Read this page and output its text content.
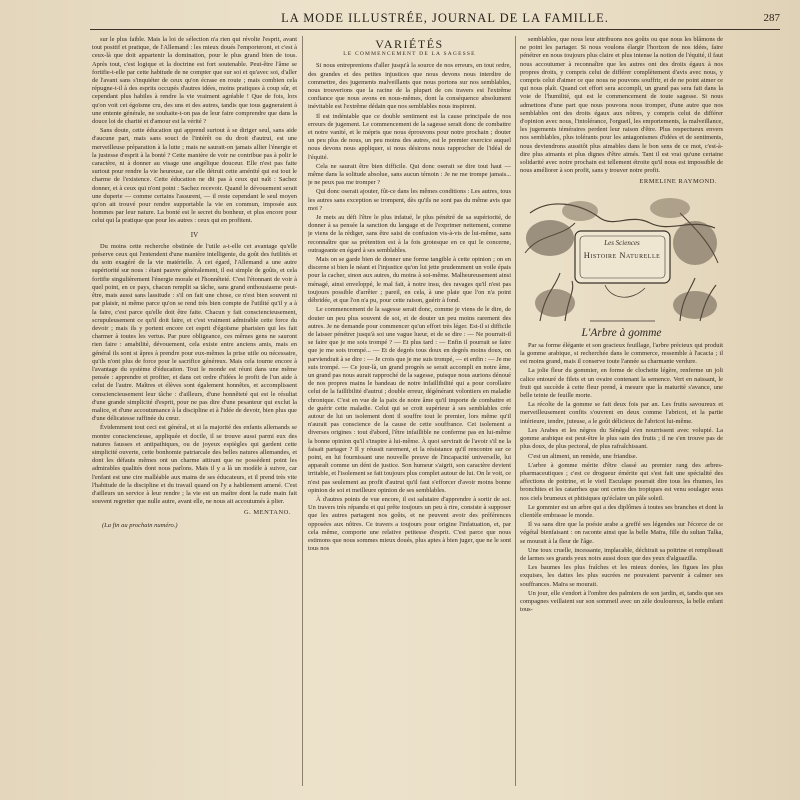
LA MODE ILLUSTRÉE, JOURNAL DE LA FAMILLE.	287

sur le plus faible. Mais la loi de sélection n'a rien qui révolte l'esprit, avant tout positif et pratique, de l'Allemand : les mieux doués l'emporteront, et c'est à ceux-là que doit appartenir la domination, pour le plus grand bien de tous. Après tout, c'est logique et la doctrine est fort soutenable. Peut-être l'âme se fortifie-t-elle par cette habitude de ne compter que sur soi et qu'avec soi, d'aller de l'avant sans s'inquiéter de ceux qu'on écrase en route ; mais combien cela répugne-t-il à des esprits occupés d'autres idées, moins pratiques à coup sûr, et cependant plus habiles à rendre la vie vraiment agréable ! Que de fois, lors qu'on voit cet égoïsme cru, des uns et des autres, tandis que tous gagneraient à une entente générale, ne souhaite-t-on pas de leur faire comprendre que dans la douce loi de charité et d'amour est la vérité ?

Sans doute, cette éducation qui apprend surtout à se diriger seul, sans aide d'aucune part, mais sans souci de l'intérêt ou du droit d'autrui, est une merveilleuse préparation à la lutte ; mais ne saurait-on jamais allier l'énergie et la justesse d'esprit à la bonté ? Cette manière de voir ne contribue pas à polir le caractère, ni à donner au visage une angélique douceur. Elle n'est pas faite surtout pour rendre la vie heureuse, car elle détruit cette aménité qui est tout le charme de l'existence. Cette éducation ne dit pas à ceux qui naît : Sachez donner, et à ceux qui n'ont point : Sachez recevoir. Quand le dévouement serait une duperie — comme certains l'assurent, — il reste cependant le seul moyen qu'on ait trouvé pour rendre supportable la vie en commun, imposée aux hommes par leur nature. La bonté est le secret du bonheur, et plus encore pour celui qui la pratique que pour les autres : ceux qui en profitent.

IV

Du moins cette recherche obstinée de l'utile a-t-elle cet avantage qu'elle préserve ceux qui l'entendent d'une manière intelligente, du goût des futilités et du soin exagéré de la vie matérielle. À cet égard, l'Allemand a une autre supériorité sur nous : étant pauvre généralement, il est simple de goûts, et cela fortifie singulièrement l'énergie morale et l'honnêteté. C'est l'étonnant de voir à quel point, en ce pays, chacun remplit sa tâche, sans grand enthousiasme peut-être, mais aussi sans lassitude : s'il on fait une chose, ce n'est bien souvent ni par plaisir, ni même parce qu'on se rend très bien compte de l'utilité qu'il y a à la faire, c'est parce qu'elle doit être faite. Chacun y fait consciencieusement, scrupuleusement ce qu'il doit faire, et c'est vraiment admirable cette force du devoir ; mais ils y portent encore cet esprit d'égoïsme pharisien qui les fait charmer à toutes les vertus. Par pure obligeance, ces mêmes gens ne sauront rien faire : amabilité, dévouement, cela existe entre anciens amis, mais en général ils sont si âpres à prendre pour eux-mêmes la prise utile ou nécessaire, qu'ils n'ont plus de force pour le sacrifice généreux. Mais cela tourne encore à l'avantage du système d'éducation. Tout le monde est réuni dans une même pensée : apprendre et profiter, et dans cet ordre d'idées le profit de l'un aide à celui de l'autre. Maîtres et élèves sont également honnêtes, et accomplissent consciencieusement leur tâche : d'ailleurs, d'une honnêteté qui est le résultat d'une grande simplicité d'esprit, pour ne pas dire d'une pesanteur qui exclut la malice, et d'une accoutumance à la discipline et à l'idée de devoir, bien plus que d'une délicatesse raffinée du cœur.

Évidemment tout ceci est général, et si la majorité des enfants allemands se montre consciencieuse, appliquée et docile, il se trouve aussi parmi eux des natures fausses et antipathiques, ou de joyeux espiègles qui gardent cette simplicité ouverte, cette bonhomie patriarcale des belles natures allemandes, et dont les défauts mêmes ont un charme attirant que ne possèdent point les admirables qualités dont nous parlons. Mais il y a là un modèle à suivre, car l'enfant est une cire malléable aux mains de ses éducateurs, et il prend très vite l'habitude de la discipline et du travail quand on l'y a habilement amené. C'est d'ailleurs un service à leur rendre ; la vie est un maître dont la rude main fait souvent regretter que nulle autre, avant elle, ne nous ait accoutumés à plier.

G. MENTANO.
(La fin au prochain numéro.)
VARIÉTÉS
LE COMMENCEMENT DE LA SAGESSE

Si nous entreprenions d'aller jusqu'à la source de nos erreurs, en tout ordre, des grandes et des petites injustices que nous devons nous interdire de commettre, des jugements malveillants que nous portons sur nos semblables, nous trouverions que la racine de la plupart de ces travers est l'extrême confiance que nous avons en nous-mêmes, dont la conséquence absolument inévitable est l'extrême dédain que nos semblables nous inspirent.

Il est indéniable que ce double sentiment est la cause principale de nos erreurs de jugement. Le commencement de la sagesse serait donc de combattre et notre vanité, et le mépris que nous éprouvons pour notre prochain ; douter un peu plus de nous, un peu moins des autres, est le premier exercice auquel nous devons nous appliquer, si nous désirons nous rapprocher de l'idéal de l'équité.

Cela ne saurait être bien difficile. Qui donc oserait se dire tout haut — même dans la solitude absolue, sans aucun témoin : Je ne me trompe jamais... je ne peux pas me tromper ?

Qui donc oserait ajouter, fût-ce dans les mêmes conditions : Les autres, tous les autres sans exception se trompent, dès qu'ils ne sont pas du même avis que moi ?

Je mets au défi l'être le plus infatué, le plus pénétré de sa supériorité, de donner à sa pensée la sanction du langage et de l'exprimer nettement, comme je viens de la rédiger, sans être saisi de confusion vis-à-vis de lui-même, sans reconnaître que sa prétention est à la fois grotesque en ce qui le concerne, outrageante en égard à ses semblables.

Mais on se garde bien de donner une forme tangible à cette opinion ; on en discerne si bien le néant et l'injustice qu'on lui jette prudemment un voile épais pour la cacher, sinon aux autres, du moins à soi-même. Malheureusement ainsi ménagé, ainsi enveloppé, le mal fait, à notre insu, des ravages qu'il n'est pas toujours possible d'arrêter ; pareil, en cela, à une plaie que l'on n'a point débridée, et que l'on n'a pu, pour cette raison, guérir à fond.

Le commencement de la sagesse serait donc, comme je viens de le dire, de douter un peu plus souvent de soi, et de douter un peu moins rarement des autres. Je ne demande pour commencer qu'un effort très léger. Est-il si difficile de laisser pénétrer jusqu'à soi une vague lueur, et de se dire : — Ne pourrait-il se faire que je me sois trompé ? — Et plus tard : — Enfin il pourrait se faire que je me sois trompé... — Et de degrés tous doux en degrés moins doux, on parviendrait à se dire : — Je crois que je me suis trompé, — et enfin : — Je me suis trompé. — Ce jour-là, un grand progrès se serait accompli en notre âme, un grand pas nous aurait rapproché de la sagesse, puisque nous aurions dénoué de nos propres mains le bandeau de notre infaillibilité qui a pour corollaire celui de la faillibilité d'autrui ; double erreur, dégénérant volontiers en maladie chronique. C'est en vue de la paix de notre âme qu'il importe de combattre et de guérir cette maladie. Celui qui se croit supérieur à ses semblables crée autour de lui un isolement dont il souffre tout le premier, lors même qu'il n'aurait pas conscience de la cause de cette souffrance. Cet isolement a diverses origines : tout d'abord, l'être infaillible ne conferme pas en lui-même la bonne opinion qu'il s'inspire à lui-même. À quoi servirait de l'avoir s'il ne la faisait partager ? Il y réussit rarement, et la résistance qu'il rencontre sur ce point, en lui fournissant une nouvelle preuve de l'incapacité universelle, lui apparaît comme un déni de justice. Son humeur s'aigrit, son caractère devient irritable, et l'isolement se fait toujours plus complet autour de lui. On le voit, ce n'est pas seulement au profit d'autrui qu'il faut s'efforcer d'avoir moins bonne opinion de soi et meilleure opinion de ses semblables.

À d'autres points de vue encore, il est salutaire d'apprendre à sortir de soi. Un travers très répandu et qui prête toujours un peu à rire, consiste à supposer que les autres partagent nos goûts, et ne peuvent avoir des préférences opposées aux nôtres. Ce travers a toujours pour origine l'infatuation, et, par cela même, comporte une relative petitesse d'esprit. C'est parce que nous estimons que nous sommes mieux doués, plus aptes à bien juger, que ne le sont tous nos

semblables, que nous leur attribuons nos goûts ou que nous les blâmons de ne point les partager. Si nous voulons élargir l'horizon de nos idées, faire pénétrer en nous toujours plus claire et plus intense la notion de l'équité, il faut nous accoutumer à reconnaître que les autres ont des droits égaux à nos propres droits, y compris celui de différer complètement d'avis avec nous, y compris celui d'aimer ce que nous ne pouvons souffrir, et de ne point aimer ce qui nous plaît. Quand cet effort sera accompli, un grand pas sera fait dans la voie de l'humilité, qui est le commencement de toute sagesse. Si nous admettons d'une part que nous pouvons nous tromper, d'une autre que nos semblables ont des droits égaux aux nôtres, y compris celui de différer d'opinion avec nous, l'intolérance, l'orgueil, les emportements, la malveillance, les jugements téméraires perdent leur raison d'être. Plus respectueux envers nos semblables, plus tolérants pour les antagonismes d'idées et de sentiments, nous deviendrons aussitôt plus aimables dans le bon sens de ce mot, c'est-à-dire plus aimants et plus dignes d'être aimés. Tant il est vrai qu'une certaine solidarité avec notre prochain est tellement étroite qu'il nous est impossible de nous améliorer à son profit, sans y trouver notre profit.

ERMELINE RAYMOND.
Les Sciences
Histoire Naturelle
L'Arbre à gomme

Par sa forme élégante et son gracieux feuillage, l'arbre précieux qui produit la gomme arabique, si recherchée dans le commerce, ressemble à l'acacia ; il est moins grand, mais il conserve toute l'année sa charmante verdure.

La jolie fleur du gommier, en forme de clochette légère, renferme un joli calice entouré de filets et un ovaire contenant la semence. Vert en naissant, le fruit qui succède à cette fleur prend, à mesure que la maturité s'avance, une belle teinte de feuille morte.

La récolte de la gomme se fait deux fois par an. Les fruits savoureux et merveilleusement confits s'ouvrent en deux comme l'abricot, et la partie intérieure, tendre, juteuse, a le goût délicieux de l'abricot lui-même.

Les Arabes et les nègres du Sénégal s'en nourrissent avec volupté. La gomme arabique est peut-être le plus sain des fruits ; il ne s'en trouve pas de plus doux, de plus pectoral, de plus rafraîchissant.

C'est un aliment, un remède, une friandise.

L'arbre à gomme mérite d'être classé au premier rang des arbres-pharmaceutiques ; c'est ce drogueur émérite qui s'est fait une spécialité des affections de poitrine, et le vieil Esculape pourrait dire tous les rhumes, les bronchites et les catarrhes que ont certes des tropiques est venu soulager sous nos ciels brumeux et phtisiques qu'éclaire un pâle soleil.

Le gommier est un arbre qui a des diplômes à toutes ses branches et dont la clientèle embrasse le monde.

Il va sans dire que la poésie arabe a greffé ses légendes sur l'écorce de ce végétal bienfaisant : on raconte ainsi que la belle Maïra, fille du sultan Talka, se mourait à la fleur de l'âge.

Une toux cruelle, incessante, implacable, déchirait sa poitrine et remplissait de larmes ses grands yeux noirs aussi doux que des yeux d'alguazilla.

Les baumes les plus fraîches et les mieux dorées, les figues les plus exquises, les dattes les plus sucrées ne pouvaient parvenir à calmer ses souffrances. Maïra se mourait.

Un jour, elle s'endort à l'ombre des palmiers de son jardin, et, tandis que ses compagnes veillaient sur son sommeil avec un zèle douloureux, la belle enfant tous-
